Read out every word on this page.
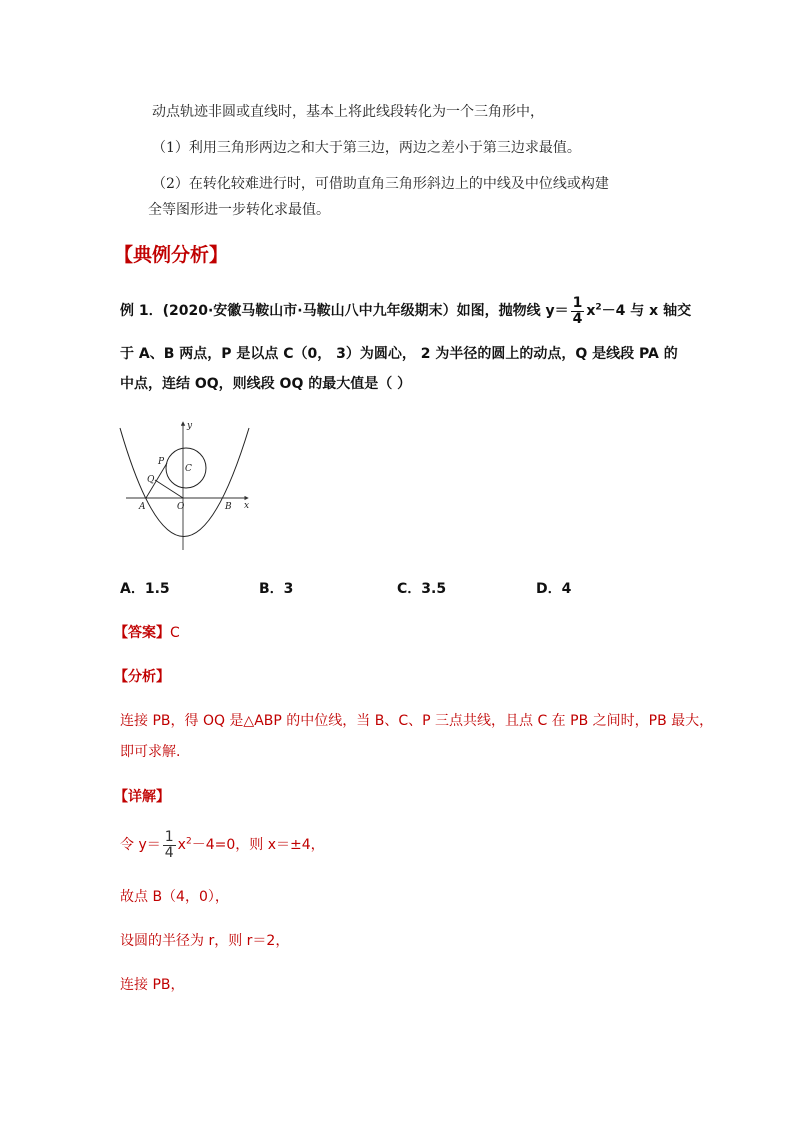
动点轨迹非圆或直线时，基本上将此线段转化为一个三角形中，
（1）利用三角形两边之和大于第三边，两边之差小于第三边求最值。
（2）在转化较难进行时，可借助直角三角形斜边上的中线及中位线或构建
全等图形进一步转化求最值。
【典例分析】
例 1．(2020·安徽马鞍山市·马鞍山八中九年级期末）如图，抛物线 $y= \frac{1}{4} x^2-4$ 与 x 轴交
于 A、B 两点，P 是以点 C（0， 3）为圆心， 2 为半径的圆上的动点，Q 是线段 PA 的
中点，连结 OQ，则线段 OQ 的最大值是（ ）
y
P
C
Q
A	O	B x
A．1.5	B．3	C．3.5	D．4
【答案】C
【分析】
连接 PB，得 OQ 是△ABP 的中位线，当 B、C、P 三点共线，且点 C 在 PB 之间时，PB 最大，
即可求解.
【详解】
令 $y= \frac{1}{4} x^2-4=0$，则 x＝±4，
故点 B（4，0），
设圆的半径为 r，则 r＝2，
连接 PB，
